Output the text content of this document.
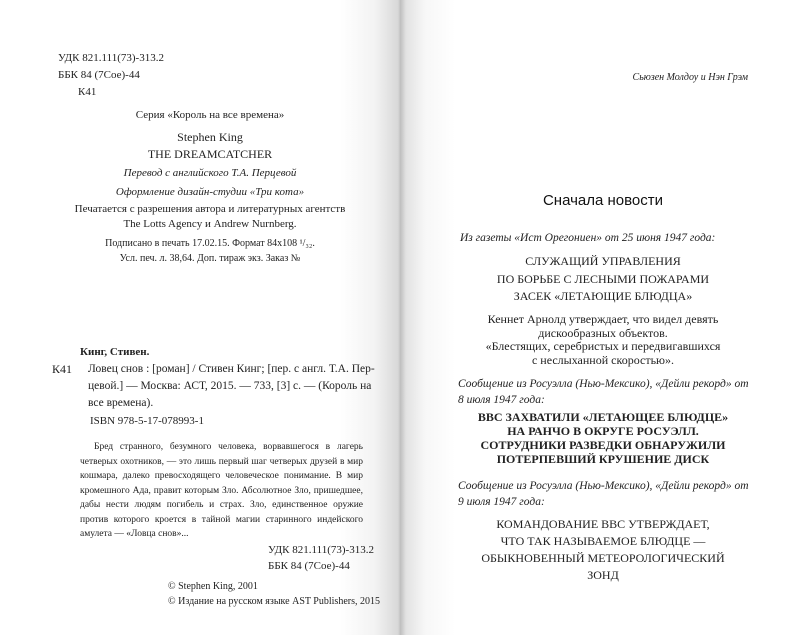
УДК 821.111(73)-313.2
ББК 84 (7Сое)-44
К41
Серия «Король на все времена»
Stephen King
THE DREAMCATCHER
Перевод с английского Т.А. Перцевой
Оформление дизайн-студии «Три кота»
Печатается с разрешения автора и литературных агентств
The Lotts Agency и Andrew Nurnberg.
Подписано в печать 17.02.15. Формат 84x108 ¹/₃₂.
Усл. печ. л. 38,64. Доп. тираж экз. Заказ №
Кинг, Стивен.
К41 Ловец снов : [роман] / Стивен Кинг; [пер. с англ. Т.А. Пер-
цевой.] — Москва: АСТ, 2015. — 733, [3] с. — (Король на
все времена).
ISBN 978-5-17-078993-1
Бред странного, безумного человека, ворвавшегося в лагерь четверых охотников, — это лишь первый шаг четверых друзей в мир кошмара, далеко превосходящего человеческое понимание. В мир кромешного Ада, правит которым Зло. Абсолютное Зло, пришедшее, дабы нести людям погибель и страх. Зло, единственное оружие против которого кроется в тайной магии старинного индейского амулета — «Ловца снов»...
УДК 821.111(73)-313.2
ББК 84 (7Сое)-44
© Stephen King, 2001
© Издание на русском языке AST Publishers, 2015
Сьюзен Молдоу и Нэн Грэм
Сначала новости
Из газеты «Ист Орегониен» от 25 июня 1947 года:
СЛУЖАЩИЙ УПРАВЛЕНИЯ
ПО БОРЬБЕ С ЛЕСНЫМИ ПОЖАРАМИ
ЗАСЕК «ЛЕТАЮЩИЕ БЛЮДЦА»
Кеннет Арнолд утверждает, что видел девять
дискообразных объектов.
«Блестящих, серебристых и передвигавшихся
с неслыханной скоростью».
Сообщение из Росуэлла (Нью-Мексико), «Дейли рекорд» от
8 июля 1947 года:
ВВС ЗАХВАТИЛИ «ЛЕТАЮЩЕЕ БЛЮДЦЕ»
НА РАНЧО В ОКРУГЕ РОСУЭЛЛ.
СОТРУДНИКИ РАЗВЕДКИ ОБНАРУЖИЛИ
ПОТЕРПЕВШИЙ КРУШЕНИЕ ДИСК
Сообщение из Росуэлла (Нью-Мексико), «Дейли рекорд» от
9 июля 1947 года:
КОМАНДОВАНИЕ ВВС УТВЕРЖДАЕТ,
ЧТО ТАК НАЗЫВАЕМОЕ БЛЮДЦЕ —
ОБЫКНОВЕННЫЙ МЕТЕОРОЛОГИЧЕСКИЙ
ЗОНД
